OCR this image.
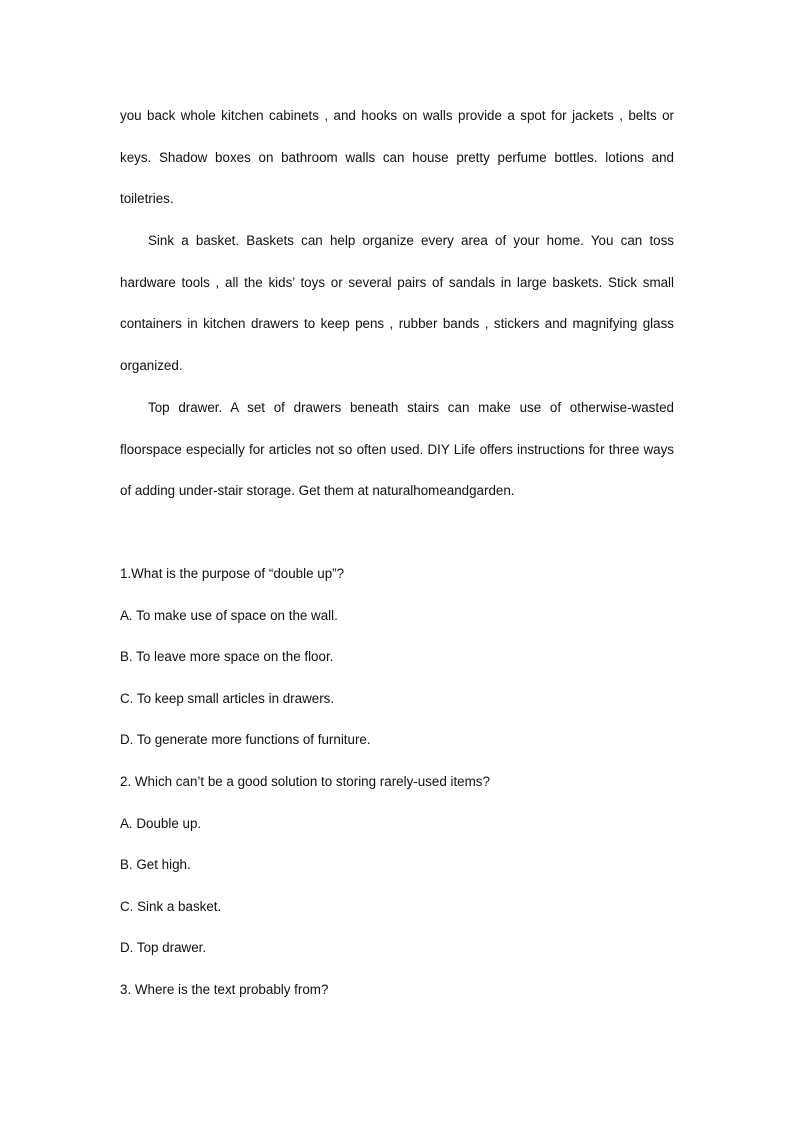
you back whole kitchen cabinets , and hooks on walls provide a spot for jackets , belts or keys. Shadow boxes on bathroom walls can house pretty perfume bottles. lotions and toiletries.

Sink a basket. Baskets can help organize every area of your home. You can toss hardware tools , all the kids’ toys or several pairs of sandals in large baskets. Stick small containers in kitchen drawers to keep pens , rubber bands , stickers and magnifying glass organized.

Top drawer. A set of drawers beneath stairs can make use of otherwise-wasted floorspace especially for articles not so often used. DIY Life offers instructions for three ways of adding under-stair storage. Get them at naturalhomeandgarden.

1.What is the purpose of “double up”?
A. To make use of space on the wall.
B. To leave more space on the floor.
C. To keep small articles in drawers.
D. To generate more functions of furniture.
2. Which can’t be a good solution to storing rarely-used items?
A. Double up.
B. Get high.
C. Sink a basket.
D. Top drawer.
3. Where is the text probably from?
